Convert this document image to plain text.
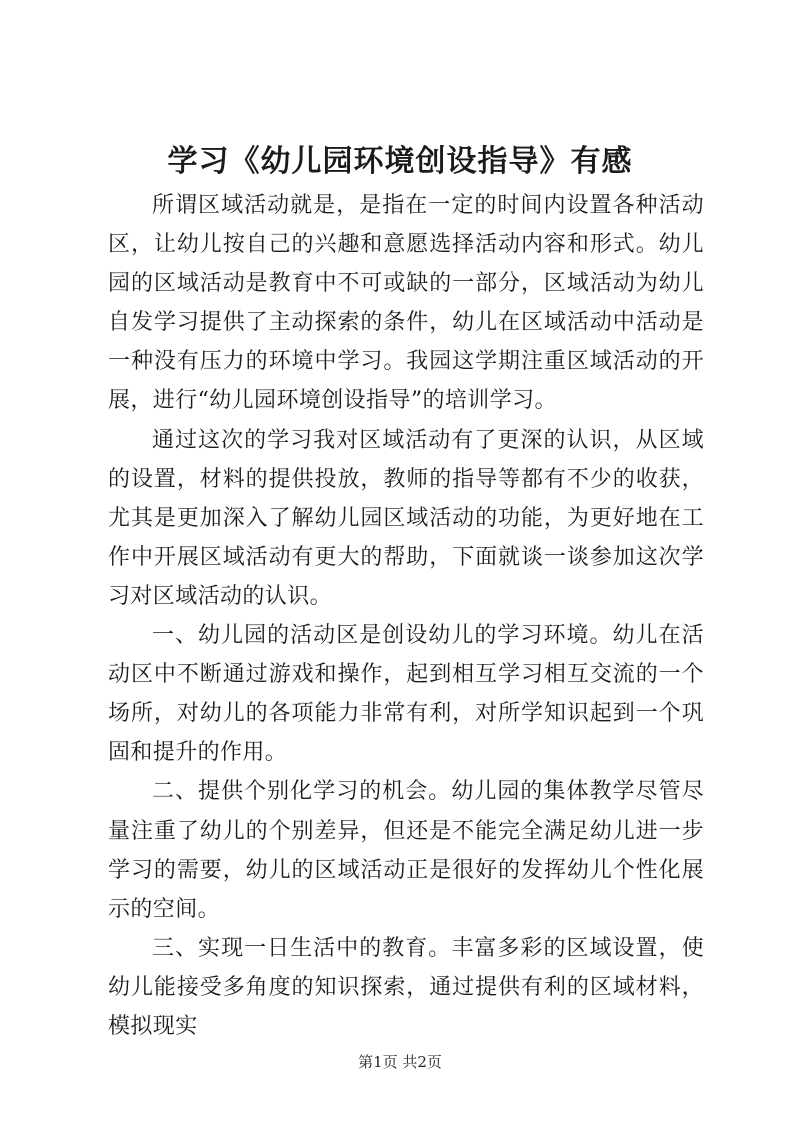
学习《幼儿园环境创设指导》有感

所谓区域活动就是，是指在一定的时间内设置各种活动区，让幼儿按自己的兴趣和意愿选择活动内容和形式。幼儿园的区域活动是教育中不可或缺的一部分，区域活动为幼儿自发学习提供了主动探索的条件，幼儿在区域活动中活动是一种没有压力的环境中学习。我园这学期注重区域活动的开展，进行“幼儿园环境创设指导”的培训学习。

通过这次的学习我对区域活动有了更深的认识，从区域的设置，材料的提供投放，教师的指导等都有不少的收获，尤其是更加深入了解幼儿园区域活动的功能，为更好地在工作中开展区域活动有更大的帮助，下面就谈一谈参加这次学习对区域活动的认识。

一、幼儿园的活动区是创设幼儿的学习环境。幼儿在活动区中不断通过游戏和操作，起到相互学习相互交流的一个场所，对幼儿的各项能力非常有利，对所学知识起到一个巩固和提升的作用。

二、提供个别化学习的机会。幼儿园的集体教学尽管尽量注重了幼儿的个别差异，但还是不能完全满足幼儿进一步学习的需要，幼儿的区域活动正是很好的发挥幼儿个性化展示的空间。

三、实现一日生活中的教育。丰富多彩的区域设置，使幼儿能接受多角度的知识探索，通过提供有利的区域材料，模拟现实

第1页 共2页
